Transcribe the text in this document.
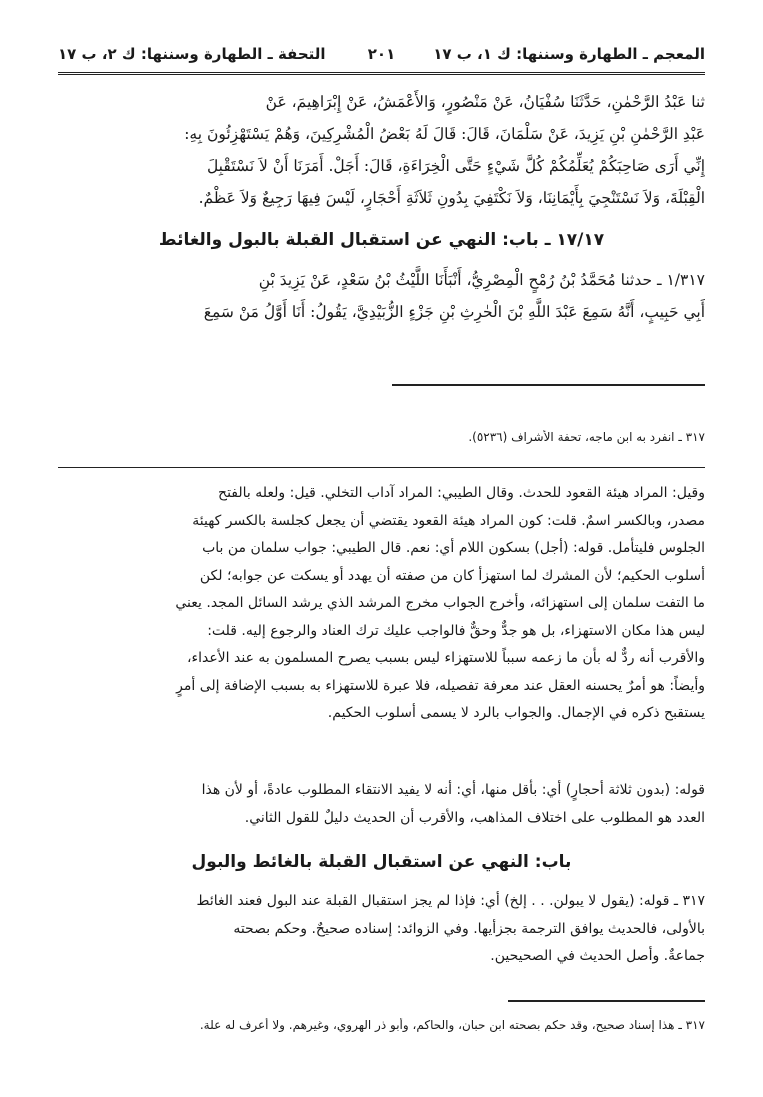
المعجم ـ الطهارة وسننها: ك ١، ب ١٧
٢٠١
التحفة ـ الطهارة وسننها: ك ٢، ب ١٧
ثنا عَبْدُ الرَّحْمٰنِ، حَدَّثَنَا سُفْيَانُ، عَنْ مَنْصُورٍ، وَالأَعْمَشُ، عَنْ إِبْرَاهِيمَ، عَنْ
عَبْدِ الرَّحْمٰنِ بْنِ يَزِيدَ، عَنْ سَلْمَانَ، قَالَ: قَالَ لَهُ بَعْضُ الْمُشْرِكِينَ، وَهُمْ يَسْتَهْزِئُونَ بِهِ:
إِنِّي أَرَى صَاحِبَكُمْ يُعَلِّمُكُمْ كُلَّ شَيْءٍ حَتَّى الْخِرَاءَةِ، قَالَ: أَجَلْ. أَمَرَنَا أَنْ لاَ نَسْتَقْبِلَ
الْقِبْلَةَ، وَلاَ نَسْتَنْجِيَ بِأَيْمَانِنَا، وَلاَ نَكْتَفِيَ بِدُونِ ثَلاَثَةِ أَحْجَارٍ، لَيْسَ فِيهَا رَجِيعٌ وَلاَ عَظْمٌ.
١٧/١٧ ـ باب: النهي عن استقبال القبلة بالبول والغائط
١/٣١٧ ـ حدثنا مُحَمَّدُ بْنُ رُمْحٍ الْمِصْرِيُّ، أَنْبَأَنَا اللَّيْثُ بْنُ سَعْدٍ، عَنْ يَزِيدَ بْنِ
أَبِي حَبِيبٍ، أَنَّهُ سَمِعَ عَبْدَ اللَّهِ بْنَ الْحٰرِثِ بْنِ جَزْءٍ الزُّبَيْدِيَّ، يَقُولُ: أَنَا أَوَّلُ مَنْ سَمِعَ
٣١٧ ـ انفرد به ابن ماجه، تحفة الأشراف (٥٢٣٦).
وقيل: المراد هيئة القعود للحدث. وقال الطيبي: المراد آداب التخلي. قيل: ولعله بالفتح
مصدر، وبالكسر اسمٌ. قلت: كون المراد هيئة القعود يقتضي أن يجعل كجلسة بالكسر كهيئة
الجلوس فليتأمل. قوله: (أجل) بسكون اللام أي: نعم. قال الطيبي: جواب سلمان من باب
أسلوب الحكيم؛ لأن المشرك لما استهزأ كان من صفته أن يهدد أو يسكت عن جوابه؛ لكن
ما التفت سلمان إلى استهزائه، وأخرج الجواب مخرج المرشد الذي يرشد السائل المجد. يعني
ليس هذا مكان الاستهزاء، بل هو جدٌّ وحقٌّ فالواجب عليك ترك العناد والرجوع إليه. قلت:
والأقرب أنه ردٌّ له بأن ما زعمه سبباً للاستهزاء ليس بسبب يصرح المسلمون به عند الأعداء،
وأيضاً: هو أمرٌ يحسنه العقل عند معرفة تفصيله، فلا عبرة للاستهزاء به بسبب الإضافة إلى أمرٍ
يستقبح ذكره في الإجمال. والجواب بالرد لا يسمى أسلوب الحكيم.
قوله: (بدون ثلاثة أحجارٍ) أي: بأقل منها، أي: أنه لا يفيد الانتقاء المطلوب عادةً، أو لأن هذا
العدد هو المطلوب على اختلاف المذاهب، والأقرب أن الحديث دليلٌ للقول الثاني.
باب: النهي عن استقبال القبلة بالغائط والبول
٣١٧ ـ قوله: (يقول لا يبولن. . . إلخ) أي: فإذا لم يجز استقبال القبلة عند البول فعند الغائط
بالأولى، فالحديث يوافق الترجمة بجزأيها. وفي الزوائد: إسناده صحيحٌ. وحكم بصحته
جماعةٌ. وأصل الحديث في الصحيحين.
٣١٧ ـ هذا إسناد صحيح، وقد حكم بصحته ابن حبان، والحاكم، وأبو ذر الهروي، وغيرهم. ولا أعرف له علة.
